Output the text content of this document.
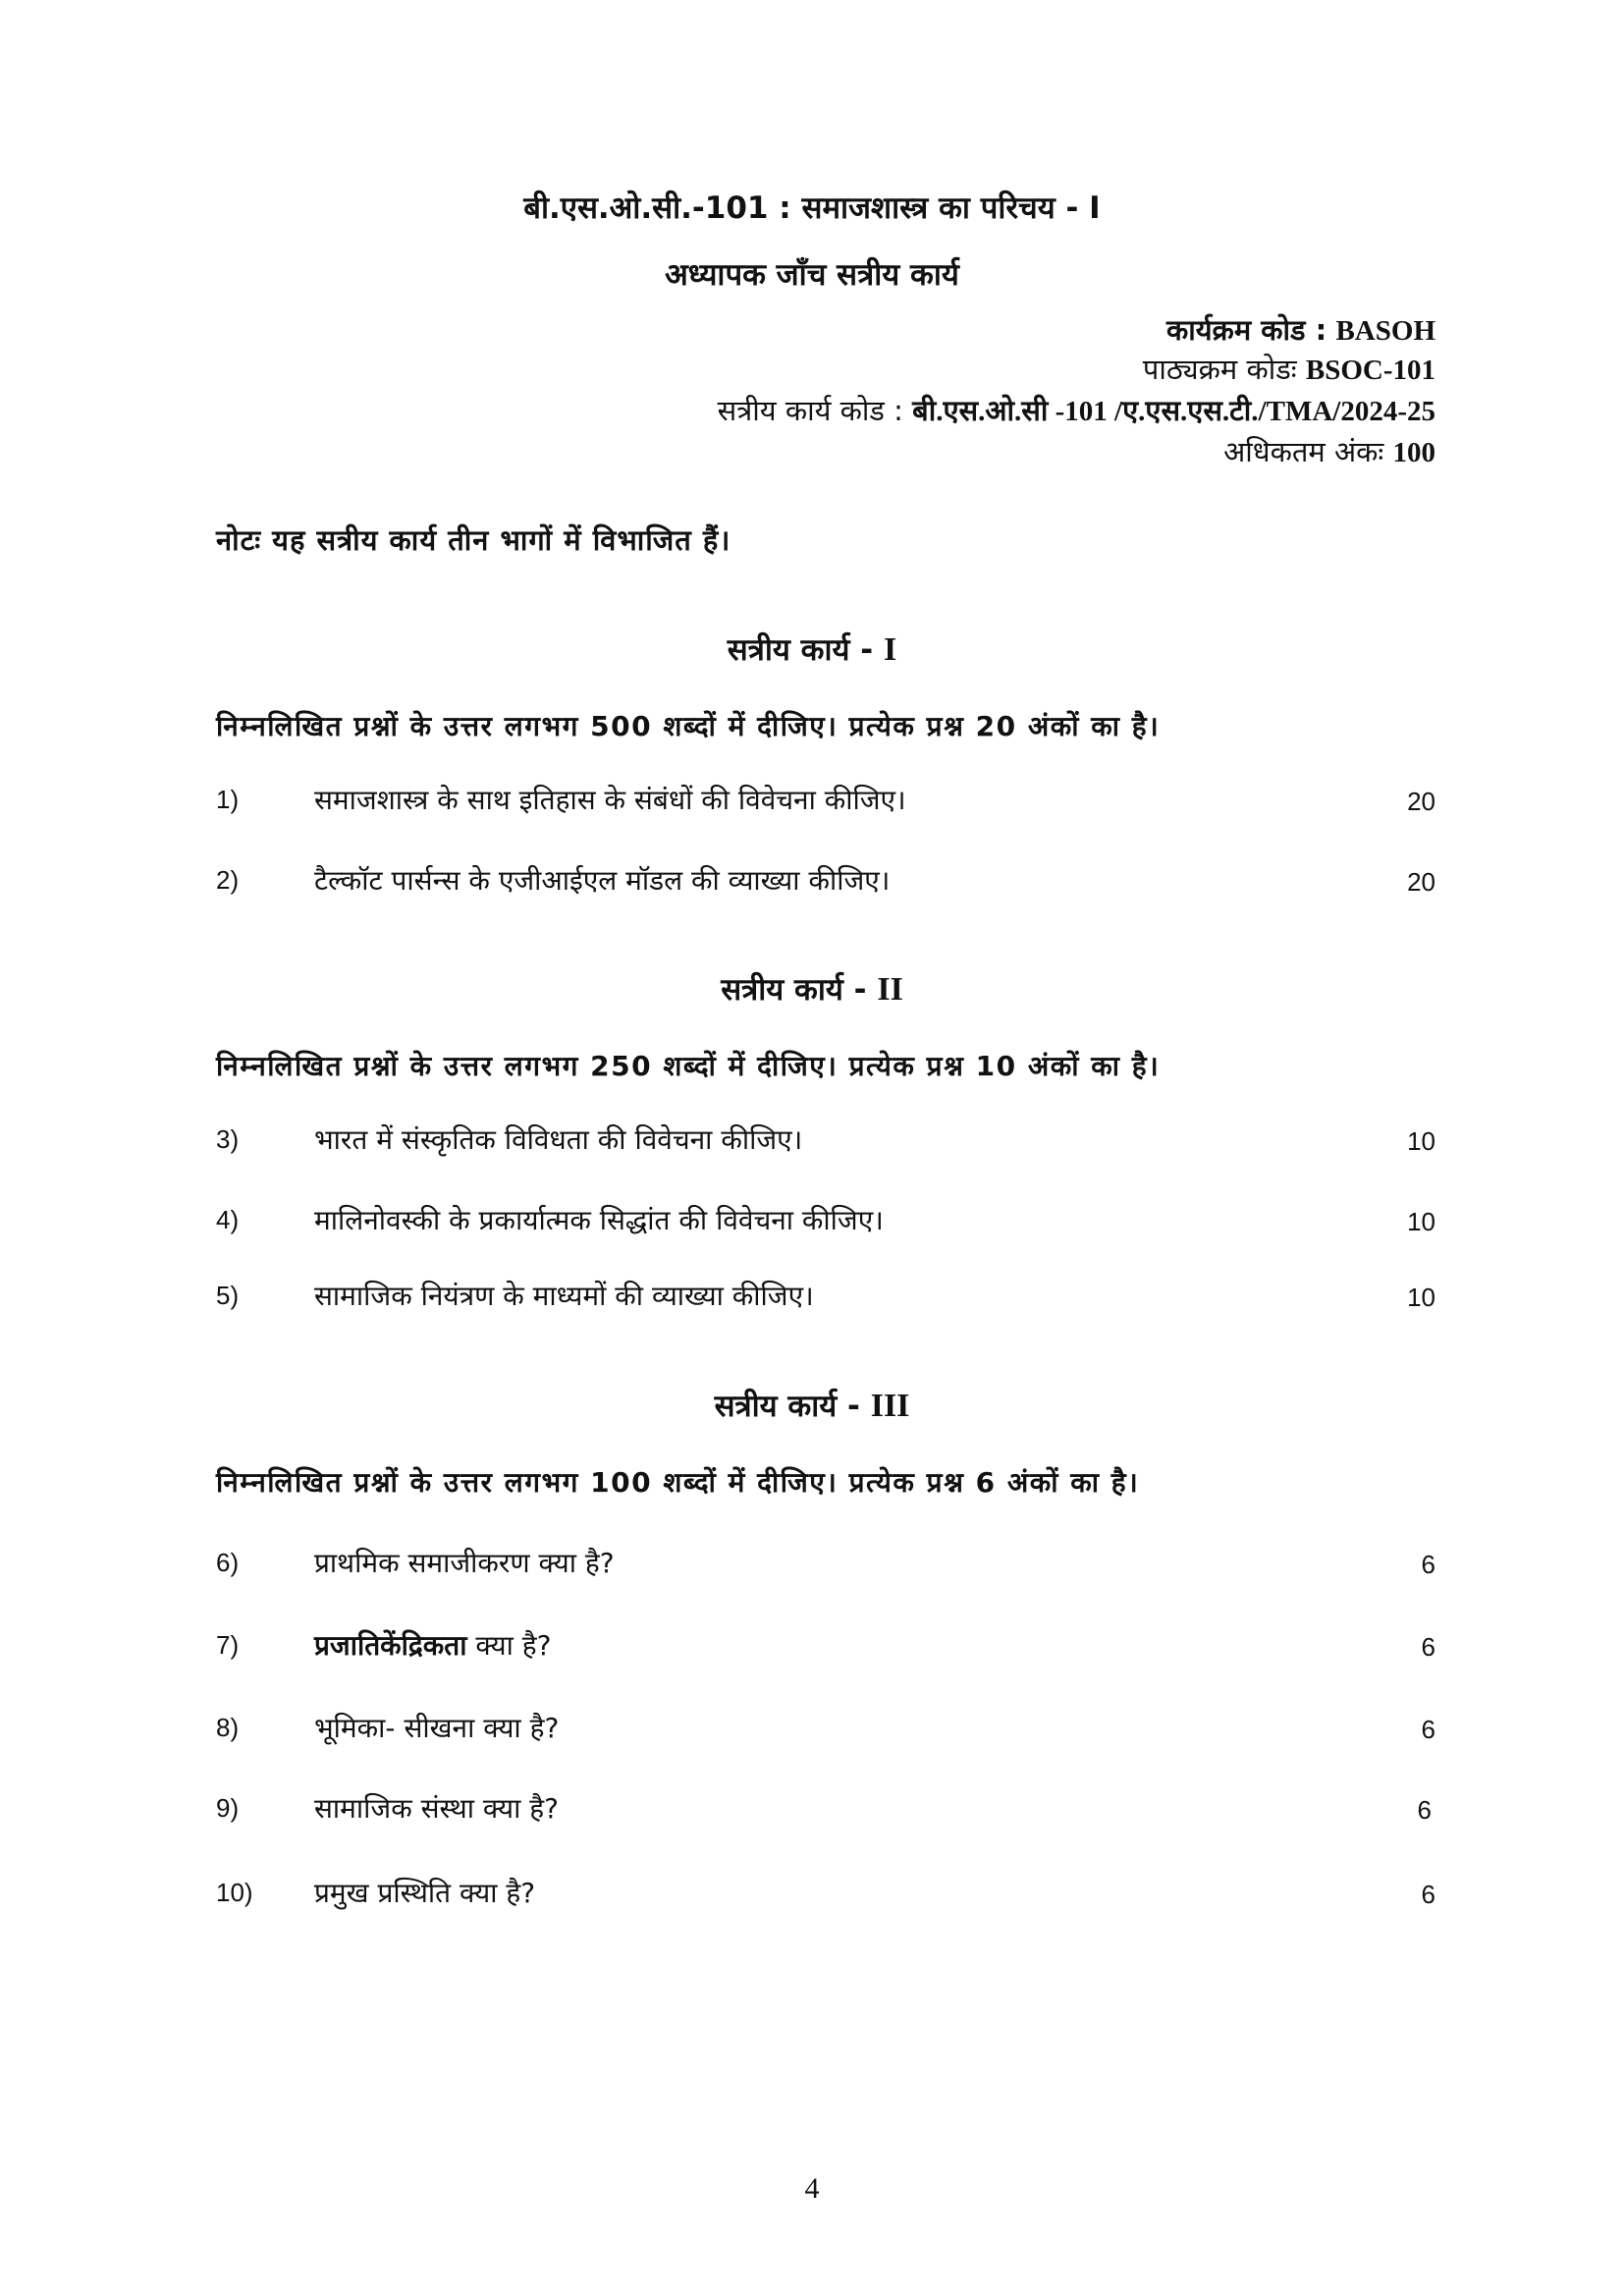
बी.एस.ओ.सी.-101 : समाजशास्त्र का परिचय - I
अध्यापक जाँच सत्रीय कार्य
कार्यक्रम कोड : BASOH
पाठ्यक्रम कोडः BSOC-101
सत्रीय कार्य कोड : बी.एस.ओ.सी -101 /ए.एस.एस.टी./TMA/2024-25
अधिकतम अंकः 100
नोटः यह सत्रीय कार्य तीन भागों में विभाजित हैं।
सत्रीय कार्य - I
निम्नलिखित प्रश्नों के उत्तर लगभग 500 शब्दों में दीजिए। प्रत्येक प्रश्न 20 अंकों का है।
1)	समाजशास्त्र के साथ इतिहास के संबंधों की विवेचना कीजिए।	20
2)	टैल्कॉट पार्सन्स के एजीआईएल मॉडल की व्याख्या कीजिए।	20
सत्रीय कार्य - II
निम्नलिखित प्रश्नों के उत्तर लगभग 250 शब्दों में दीजिए। प्रत्येक प्रश्न 10 अंकों का है।
3)	भारत में संस्कृतिक विविधता की विवेचना कीजिए।	10
4)	मालिनोवस्की के प्रकार्यात्मक सिद्धांत की विवेचना कीजिए।	10
5)	सामाजिक नियंत्रण के माध्यमों की व्याख्या कीजिए।	10
सत्रीय कार्य - III
निम्नलिखित प्रश्नों के उत्तर लगभग 100 शब्दों में दीजिए। प्रत्येक प्रश्न 6 अंकों का है।
6)	प्राथमिक समाजीकरण क्या है?	6
7)	प्रजातिकेंद्रिकता क्या है?	6
8)	भूमिका- सीखना क्या है?	6
9)	सामाजिक संस्था क्या है?	6
10) प्रमुख प्रस्थिति क्या है?	6
4
